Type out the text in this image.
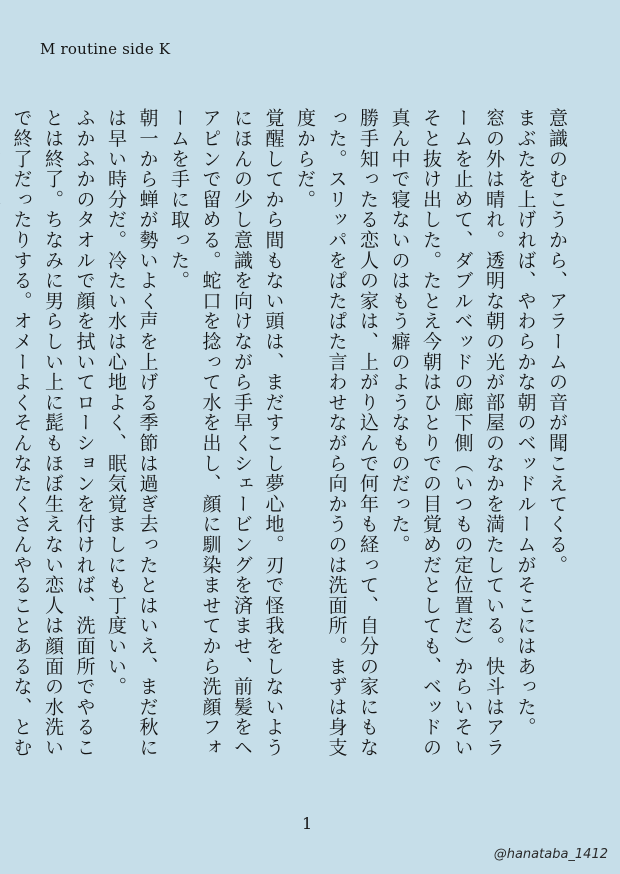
M routine side K

意識のむこうから、アラームの音が聞こえてくる。

まぶたを上げれば、やわらかな朝のベッドルームがそこにはあった。

窓の外は晴れ。透明な朝の光が部屋のなかを満たしている。快斗はアラームを止めて、ダブルベッドの廊下側（いつもの定位置だ）からいそいそと抜け出した。たとえ今朝はひとりでの目覚めだとしても、ベッドの真ん中で寝ないのはもう癖のようなものだった。

勝手知ったる恋人の家は、上がり込んで何年も経って、自分の家にもなった。スリッパをぱたぱた言わせながら向かうのは洗面所。まずは身支度からだ。

覚醒してから間もない頭は、まだすこし夢心地。刃で怪我をしないようにほんの少し意識を向けながら手早くシェービングを済ませ、前髪をヘアピンで留める。蛇口を捻って水を出し、顔に馴染ませてから洗顔フォームを手に取った。

朝一から蝉が勢いよく声を上げる季節は過ぎ去ったとはいえ、まだ秋には早い時分だ。冷たい水は心地よく、眠気覚ましにも丁度いい。

ふかふかのタオルで顔を拭いてローションを付ければ、洗面所でやることは終了。ちなみに男らしい上に髭もほぼ生えない恋人は顔面の水洗いで終了だったりする。オメーよくそんなたくさんやることあるな、とむ

1
@hanataba_1412
